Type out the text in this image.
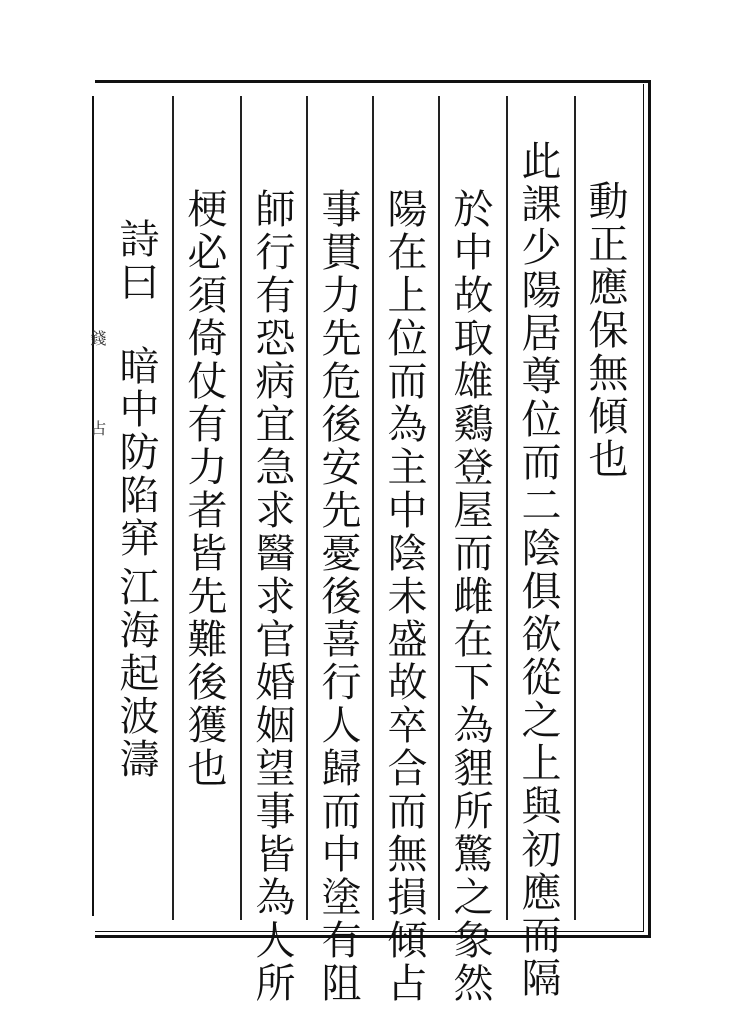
錢
占	動正應保無傾也
此課少陽居尊位而二陰俱欲從之上與初應而隔
於中故取雄鷄登屋而雌在下為貍所驚之象然
陽在上位而為主中陰未盛故卒合而無損傾占
事貫力先危後安先憂後喜行人歸而中塗有阻
師行有恐病宜急求醫求官婚姻望事皆為人所
梗必須倚仗有力者皆先難後獲也
詩曰
暗中防陷穽
江海起波濤
